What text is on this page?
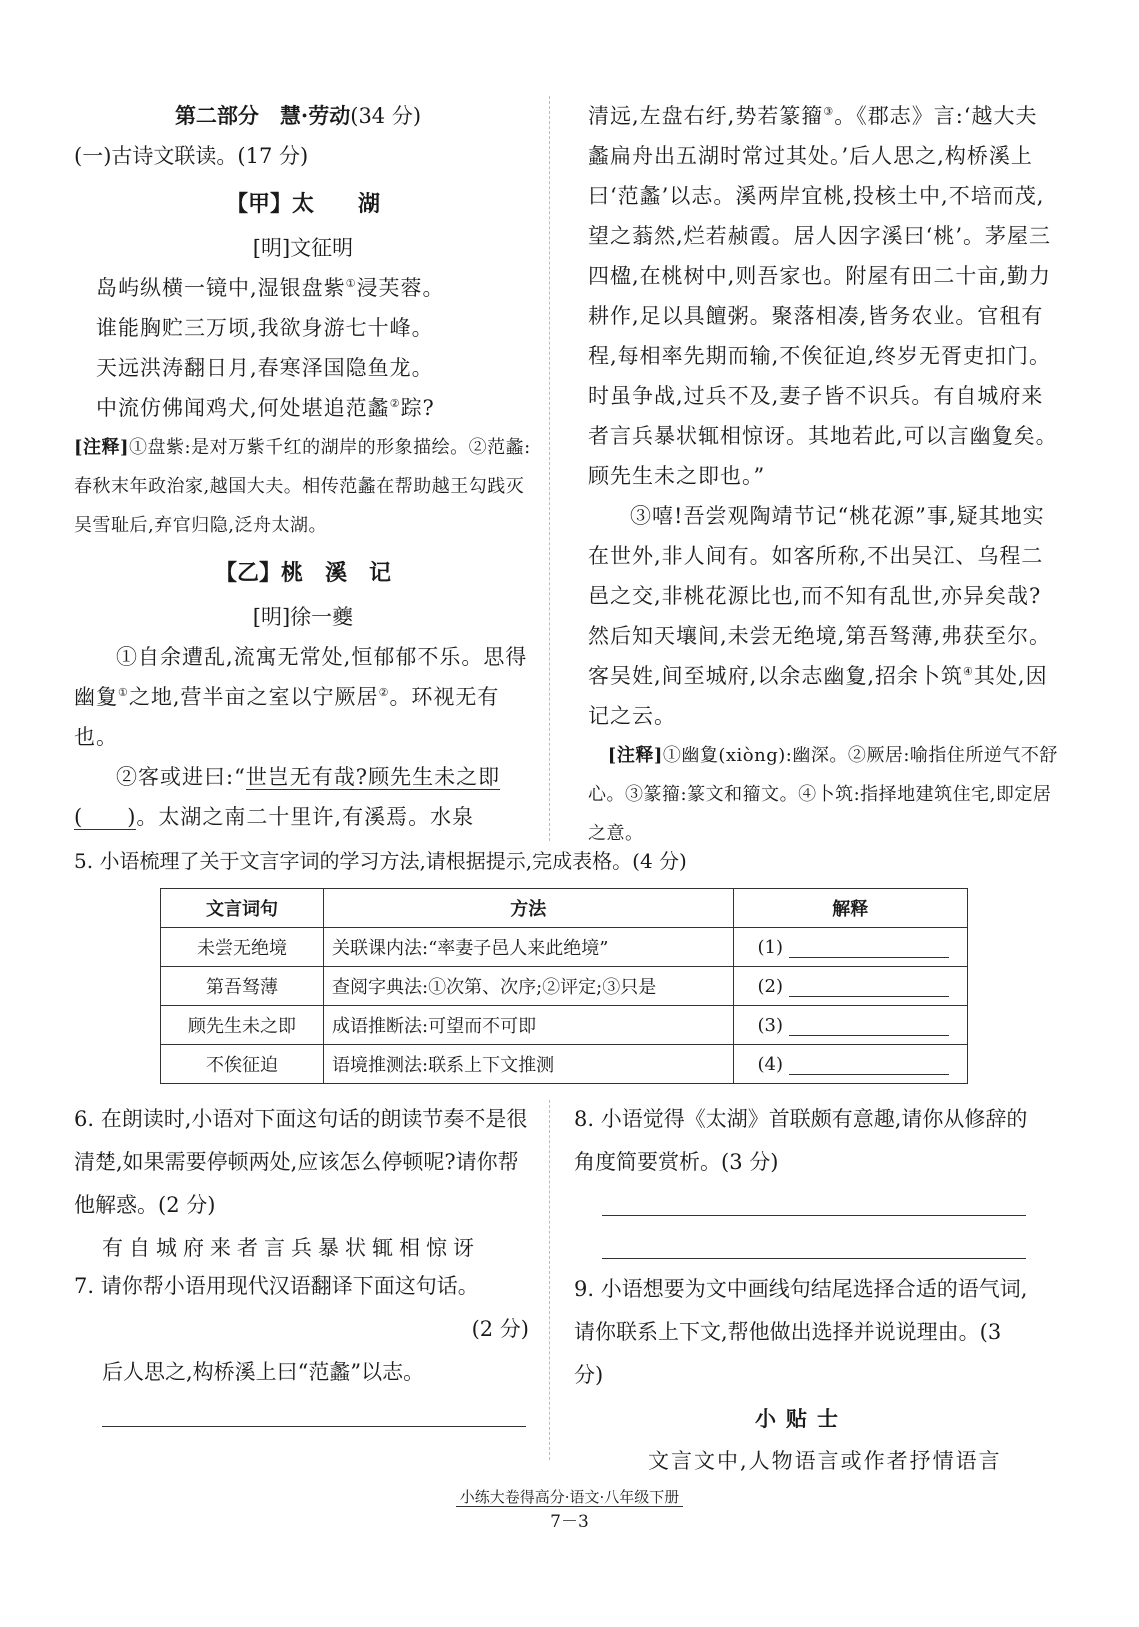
第二部分　慧·劳动(34 分)
(一)古诗文联读。(17 分)
【甲】太　　湖
[明]文征明
岛屿纵横一镜中,湿银盘紫①浸芙蓉。
谁能胸贮三万顷,我欲身游七十峰。
天远洪涛翻日月,春寒泽国隐鱼龙。
中流仿佛闻鸡犬,何处堪追范蠡②踪?
[注释]①盘紫:是对万紫千红的湖岸的形象描绘。②范蠡:春秋末年政治家,越国大夫。相传范蠡在帮助越王勾践灭吴雪耻后,弃官归隐,泛舟太湖。
【乙】桃　溪　记
[明]徐一夔
①自余遭乱,流寓无常处,恒郁郁不乐。思得幽夐①之地,营半亩之室以宁厥居②。环视无有也。
②客或进曰:“世岂无有哉?顾先生未之即(　　)。太湖之南二十里许,有溪焉。水泉
清远,左盘右纡,势若篆籀③。《郡志》言:‘越大夫蠡扁舟出五湖时常过其处。’后人思之,构桥溪上曰‘范蠡’以志。溪两岸宜桃,投核土中,不培而茂,望之蓊然,烂若赪霞。居人因字溪曰‘桃’。茅屋三四楹,在桃树中,则吾家也。附屋有田二十亩,勤力耕作,足以具饘粥。聚落相凑,皆务农业。官租有程,每相率先期而输,不俟征迫,终岁无胥吏扣门。时虽争战,过兵不及,妻子皆不识兵。有自城府来者言兵暴状辄相惊讶。其地若此,可以言幽夐矣。顾先生未之即也。”
③嘻!吾尝观陶靖节记“桃花源”事,疑其地实在世外,非人间有。如客所称,不出吴江、乌程二邑之交,非桃花源比也,而不知有乱世,亦异矣哉?然后知天壤间,未尝无绝境,第吾驽薄,弗获至尔。客吴姓,间至城府,以余志幽夐,招余卜筑④其处,因记之云。
[注释]①幽夐(xiòng):幽深。②厥居:喻指住所逆气不舒心。③篆籀:篆文和籀文。④卜筑:指择地建筑住宅,即定居之意。
5. 小语梳理了关于文言字词的学习方法,请根据提示,完成表格。(4 分)
文言词句	方法	解释
未尝无绝境	关联课内法:“率妻子邑人来此绝境”	(1)
第吾驽薄	查阅字典法:①次第、次序;②评定;③只是	(2)
顾先生未之即	成语推断法:可望而不可即	(3)
不俟征迫	语境推测法:联系上下文推测	(4)
6. 在朗读时,小语对下面这句话的朗读节奏不是很清楚,如果需要停顿两处,应该怎么停顿呢?请你帮他解惑。(2 分)
有自城府来者言兵暴状辄相惊讶
7. 请你帮小语用现代汉语翻译下面这句话。
(2 分)
后人思之,构桥溪上曰“范蠡”以志。
8. 小语觉得《太湖》首联颇有意趣,请你从修辞的角度简要赏析。(3 分)
9. 小语想要为文中画线句结尾选择合适的语气词,请你联系上下文,帮他做出选择并说说理由。(3 分)
小贴士
文言文中,人物语言或作者抒情语言
小练大卷得高分·语文·八年级下册
7－3
